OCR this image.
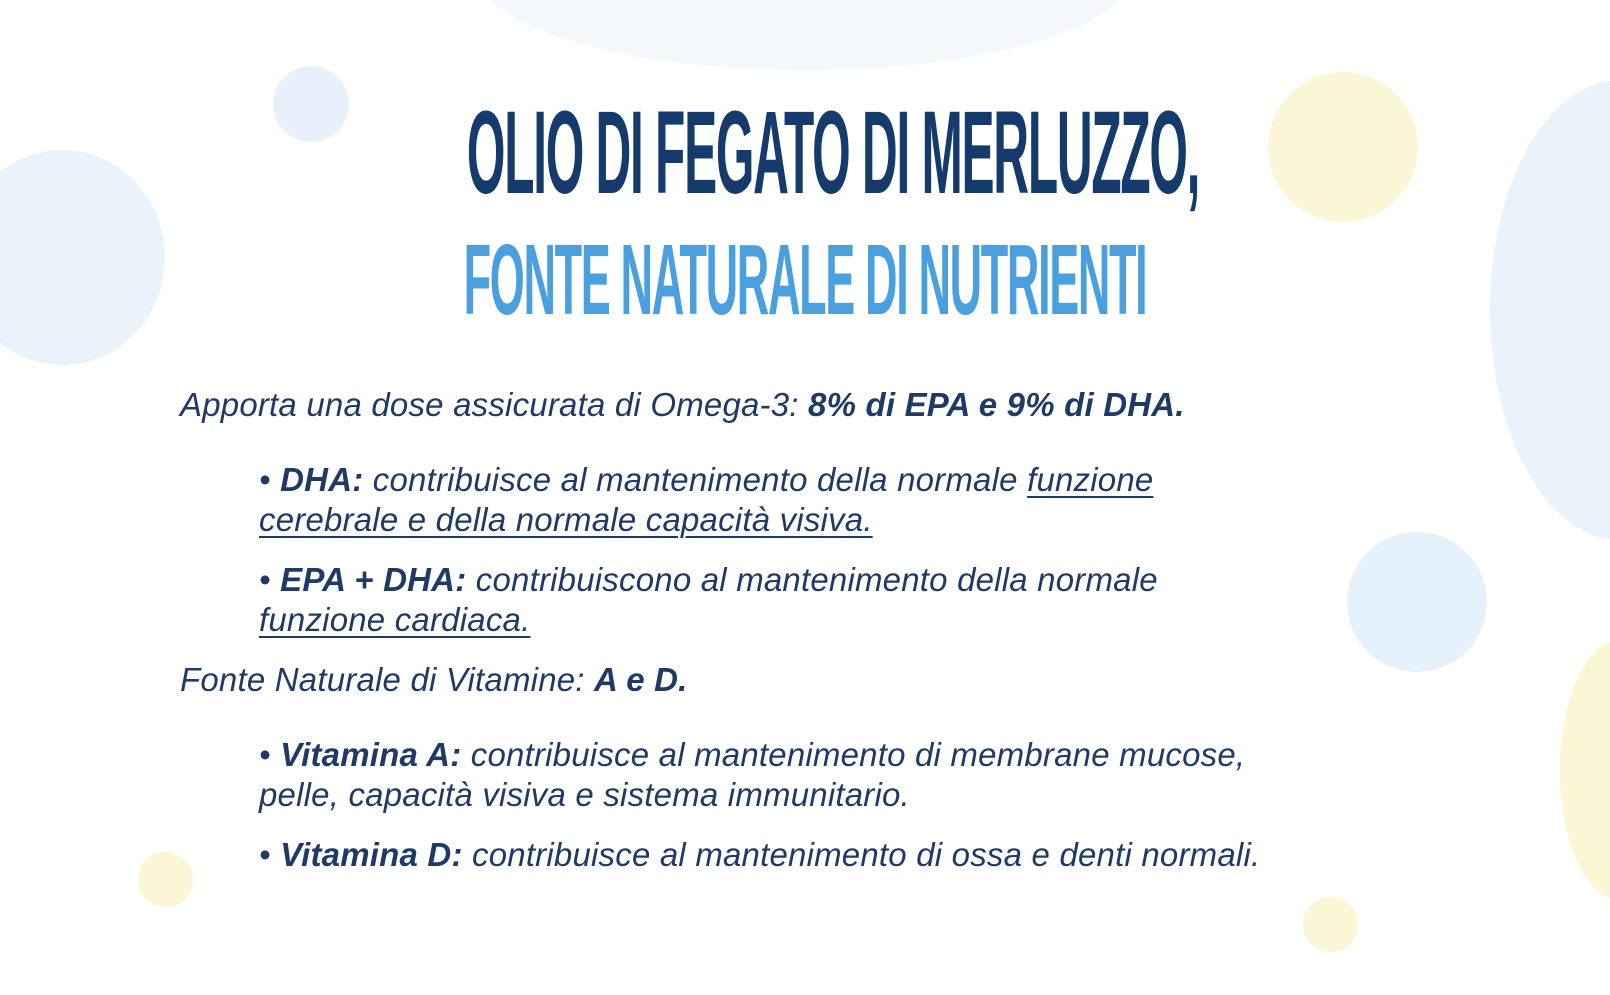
OLIO DI FEGATO DI MERLUZZO,
FONTE NATURALE DI NUTRIENTI

Apporta una dose assicurata di Omega-3: 8% di EPA e 9% di DHA.

• DHA: contribuisce al mantenimento della normale funzione

cerebrale e della normale capacità visiva.

• EPA + DHA: contribuiscono al mantenimento della normale

funzione cardiaca.

Fonte Naturale di Vitamine: A e D.

• Vitamina A: contribuisce al mantenimento di membrane mucose,

pelle, capacità visiva e sistema immunitario.

• Vitamina D: contribuisce al mantenimento di ossa e denti normali.
